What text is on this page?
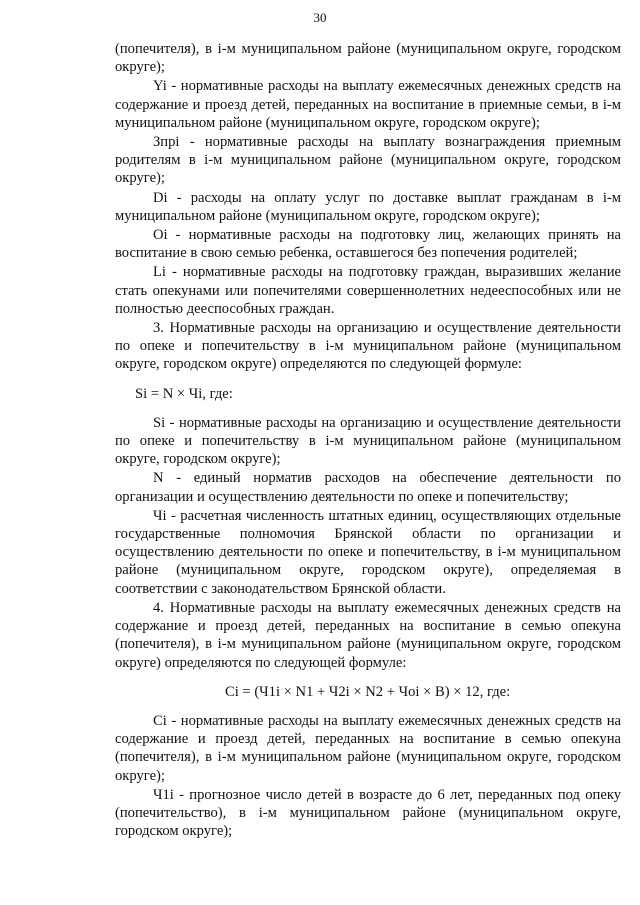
30

(попечителя), в i-м муниципальном районе (муниципальном округе, городском округе);

Yi - нормативные расходы на выплату ежемесячных денежных средств на содержание и проезд детей, переданных на воспитание в приемные семьи, в i-м муниципальном районе (муниципальном округе, городском округе);

Зпрi - нормативные расходы на выплату вознаграждения приемным родителям в i-м муниципальном районе (муниципальном округе, городском округе);

Di - расходы на оплату услуг по доставке выплат гражданам в i-м муниципальном районе (муниципальном округе, городском округе);

Oi - нормативные расходы на подготовку лиц, желающих принять на воспитание в свою семью ребенка, оставшегося без попечения родителей;

Li - нормативные расходы на подготовку граждан, выразивших желание стать опекунами или попечителями совершеннолетних недееспособных или не полностью дееспособных граждан.

3. Нормативные расходы на организацию и осуществление деятельности по опеке и попечительству в i-м муниципальном районе (муниципальном округе, городском округе) определяются по следующей формуле:

Si = N × Чi, где:

Si - нормативные расходы на организацию и осуществление деятельности по опеке и попечительству в i-м муниципальном районе (муниципальном округе, городском округе);

N - единый норматив расходов на обеспечение деятельности по организации и осуществлению деятельности по опеке и попечительству;

Чi - расчетная численность штатных единиц, осуществляющих отдельные государственные полномочия Брянской области по организации и осуществлению деятельности по опеке и попечительству, в i-м муниципальном районе (муниципальном округе, городском округе), определяемая в соответствии с законодательством Брянской области.

4. Нормативные расходы на выплату ежемесячных денежных средств на содержание и проезд детей, переданных на воспитание в семью опекуна (попечителя), в i-м муниципальном районе (муниципальном округе, городском округе) определяются по следующей формуле:

Ci = (Ч1i × N1 + Ч2i × N2 + Чoi × B) × 12, где:

Ci - нормативные расходы на выплату ежемесячных денежных средств на содержание и проезд детей, переданных на воспитание в семью опекуна (попечителя), в i-м муниципальном районе (муниципальном округе, городском округе);

Ч1i - прогнозное число детей в возрасте до 6 лет, переданных под опеку (попечительство), в i-м муниципальном районе (муниципальном округе, городском округе);
